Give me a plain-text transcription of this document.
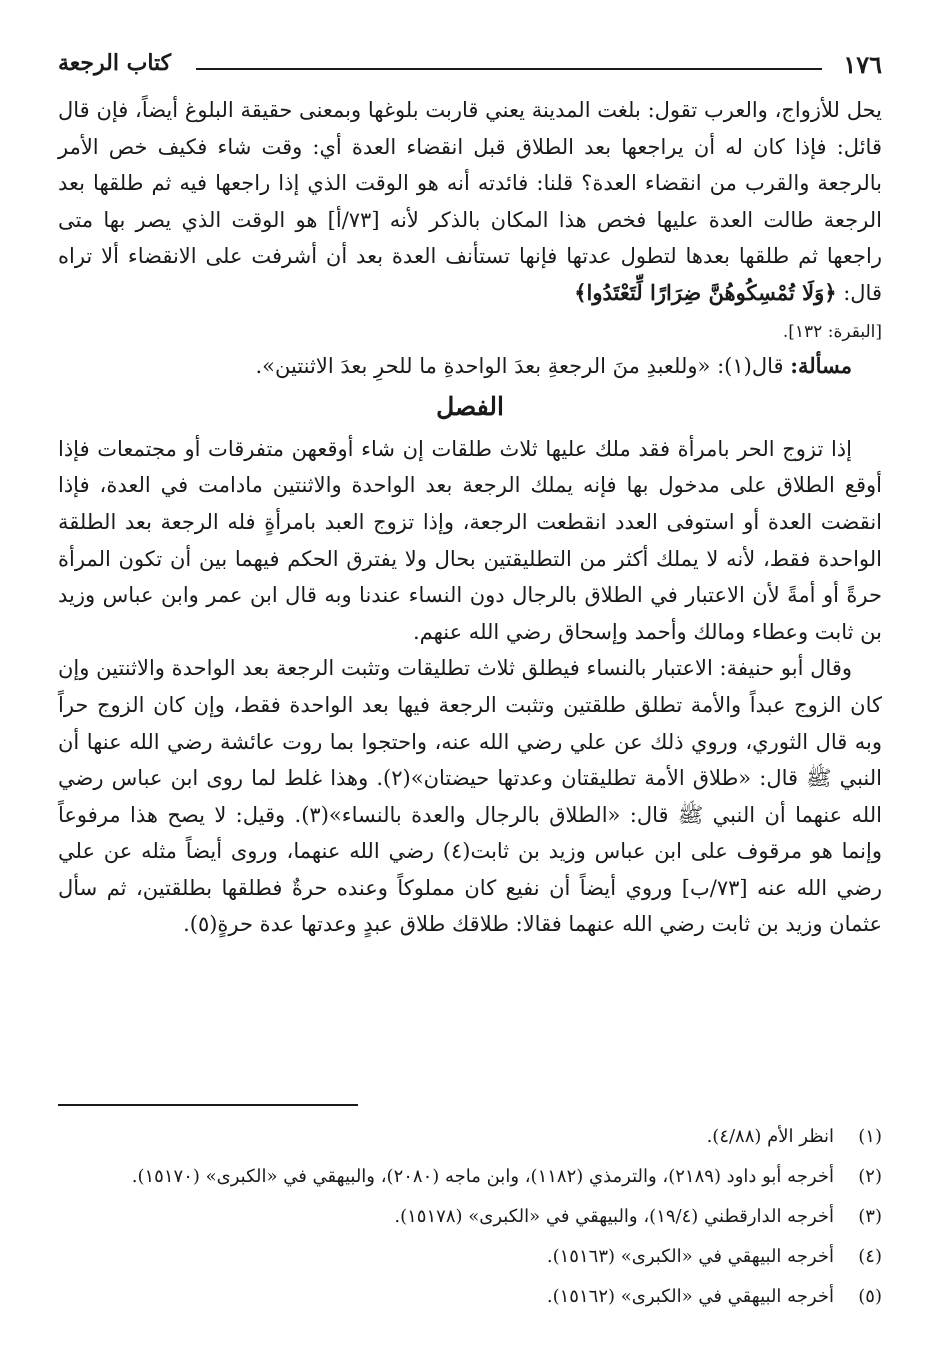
١٧٦
كتاب الرجعة

يحل للأزواج، والعرب تقول: بلغت المدينة يعني قاربت بلوغها وبمعنى حقيقة البلوغ أيضاً، فإن قال قائل: فإذا كان له أن يراجعها بعد الطلاق قبل انقضاء العدة أي: وقت شاء فكيف خص الأمر بالرجعة والقرب من انقضاء العدة؟ قلنا: فائدته أنه هو الوقت الذي إذا راجعها فيه ثم طلقها بعد الرجعة طالت العدة عليها فخص هذا المكان بالذكر لأنه [٧٣/أ] هو الوقت الذي يصر بها متى راجعها ثم طلقها بعدها لتطول عدتها فإنها تستأنف العدة بعد أن أشرفت على الانقضاء ألا تراه قال: ﴿وَلَا تُمْسِكُوهُنَّ ضِرَارًا لِّتَعْتَدُوا﴾
[البقرة: ١٣٢].

مسألة: قال(١): «وللعبدِ منَ الرجعةِ بعدَ الواحدةِ ما للحرِ بعدَ الاثنتين».

الفصل

إذا تزوج الحر بامرأة فقد ملك عليها ثلاث طلقات إن شاء أوقعهن متفرقات أو مجتمعات فإذا أوقع الطلاق على مدخول بها فإنه يملك الرجعة بعد الواحدة والاثنتين مادامت في العدة، فإذا انقضت العدة أو استوفى العدد انقطعت الرجعة، وإذا تزوج العبد بامرأةٍ فله الرجعة بعد الطلقة الواحدة فقط، لأنه لا يملك أكثر من التطليقتين بحال ولا يفترق الحكم فيهما بين أن تكون المرأة حرةً أو أمةً لأن الاعتبار في الطلاق بالرجال دون النساء عندنا وبه قال ابن عمر وابن عباس وزيد بن ثابت وعطاء ومالك وأحمد وإسحاق رضي الله عنهم.

وقال أبو حنيفة: الاعتبار بالنساء فيطلق ثلاث تطليقات وتثبت الرجعة بعد الواحدة والاثنتين وإن كان الزوج عبداً والأمة تطلق طلقتين وتثبت الرجعة فيها بعد الواحدة فقط، وإن كان الزوج حراً وبه قال الثوري، وروي ذلك عن علي رضي الله عنه، واحتجوا بما روت عائشة رضي الله عنها أن النبي ﷺ قال: «طلاق الأمة تطليقتان وعدتها حيضتان»(٢). وهذا غلط لما روى ابن عباس رضي الله عنهما أن النبي ﷺ قال: «الطلاق بالرجال والعدة بالنساء»(٣). وقيل: لا يصح هذا مرفوعاً وإنما هو مرقوف على ابن عباس وزيد بن ثابت(٤) رضي الله عنهما، وروى أيضاً مثله عن علي رضي الله عنه [٧٣/ب] وروي أيضاً أن نفيع كان مملوكاً وعنده حرةٌ فطلقها بطلقتين، ثم سأل عثمان وزيد بن ثابت رضي الله عنهما فقالا: طلاقك طلاق عبدٍ وعدتها عدة حرةٍ(٥).

(١)
انظر الأم (٤/٨٨).
(٢)
أخرجه أبو داود (٢١٨٩)، والترمذي (١١٨٢)، وابن ماجه (٢٠٨٠)، والبيهقي في «الكبرى» (١٥١٧٠).
(٣)
أخرجه الدارقطني (١٩/٤)، والبيهقي في «الكبرى» (١٥١٧٨).
(٤)
أخرجه البيهقي في «الكبرى» (١٥١٦٣).
(٥)
أخرجه البيهقي في «الكبرى» (١٥١٦٢).
